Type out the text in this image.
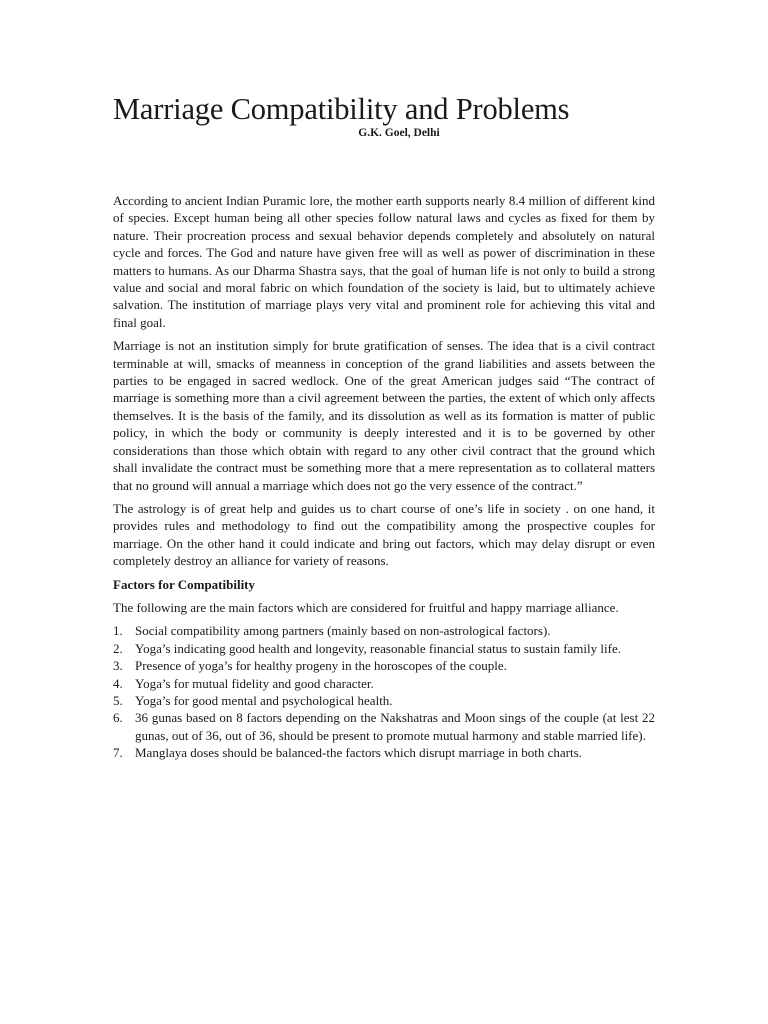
Marriage Compatibility and Problems
G.K. Goel, Delhi

According to ancient Indian Puramic lore, the mother earth supports nearly 8.4 million of different kind of species. Except human being all other species follow natural laws and cycles as fixed for them by nature. Their procreation process and sexual behavior depends completely and absolutely on natural cycle and forces. The God and nature have given free will as well as power of discrimination in these matters to humans. As our Dharma Shastra says, that the goal of human life is not only to build a strong value and social and moral fabric on which foundation of the society is laid, but to ultimately achieve salvation. The institution of marriage plays very vital and prominent role for achieving this vital and final goal.

Marriage is not an institution simply for brute gratification of senses. The idea that is a civil contract terminable at will, smacks of meanness in conception of the grand liabilities and assets between the parties to be engaged in sacred wedlock. One of the great American judges said “The contract of marriage is something more than a civil agreement between the parties, the extent of which only affects themselves. It is the basis of the family, and its dissolution as well as its formation is matter of public policy, in which the body or community is deeply interested and it is to be governed by other considerations than those which obtain with regard to any other civil contract that the ground which shall invalidate the contract must be something more that a mere representation as to collateral matters that no ground will annual a marriage which does not go the very essence of the contract.”

The astrology is of great help and guides us to chart course of one’s life in society . on one hand, it provides rules and methodology to find out the compatibility among the prospective couples for marriage. On the other hand it could indicate and bring out factors, which may delay disrupt or even completely destroy an alliance for variety of reasons.

Factors for Compatibility

The following are the main factors which are considered for fruitful and happy marriage alliance.

1. Social compatibility among partners (mainly based on non-astrological factors).
2. Yoga’s indicating good health and longevity, reasonable financial status to sustain family life.
3. Presence of yoga’s for healthy progeny in the horoscopes of the couple.
4. Yoga’s for mutual fidelity and good character.
5. Yoga’s for good mental and psychological health.
6. 36 gunas based on 8 factors depending on the Nakshatras and Moon sings of the couple (at lest 22 gunas, out of 36, out of 36, should be present to promote mutual harmony and stable married life).
7. Manglaya doses should be balanced-the factors which disrupt marriage in both charts.
